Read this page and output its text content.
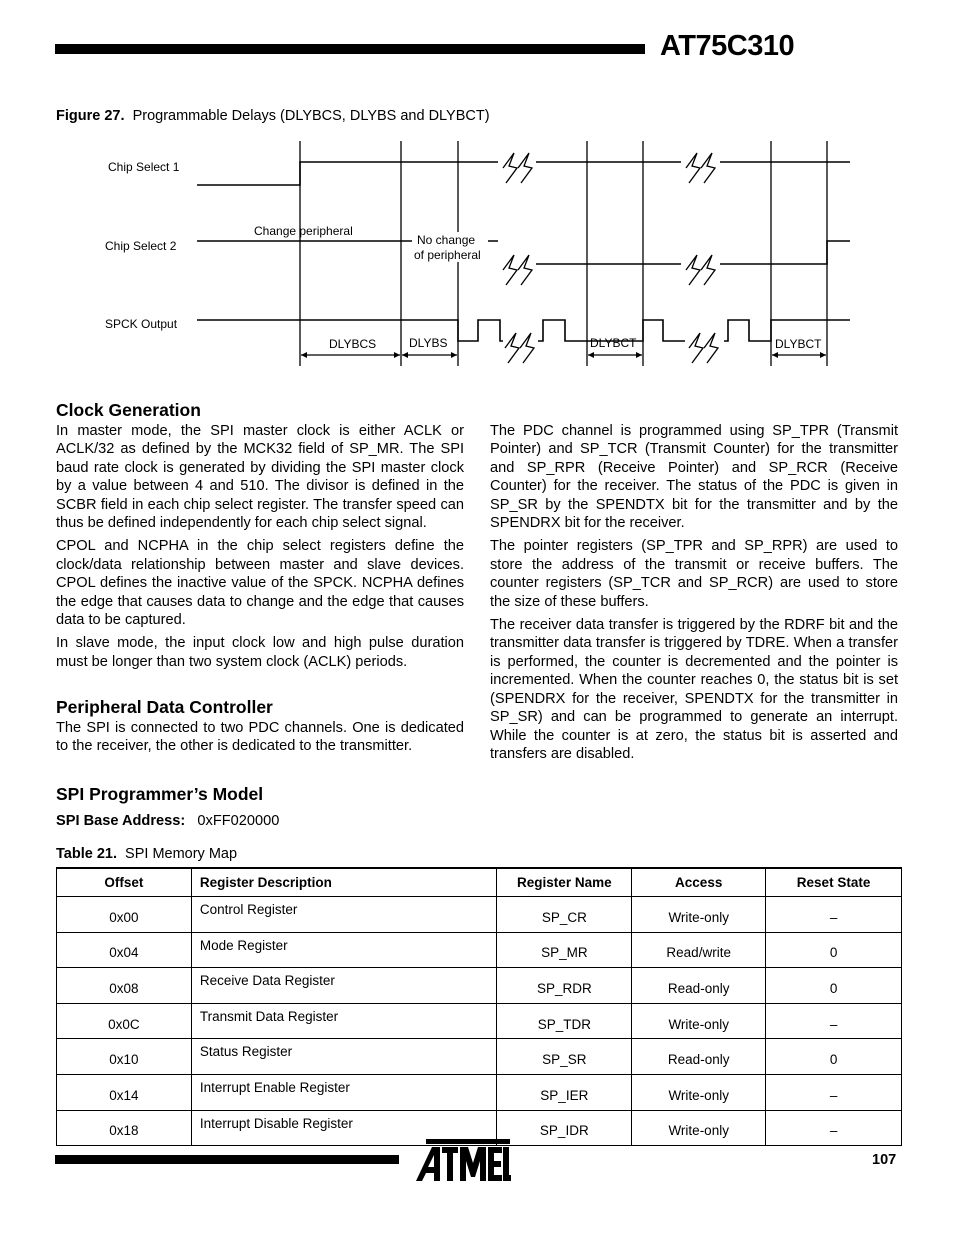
AT75C310
Figure 27. Programmable Delays (DLYBCS, DLYBS and DLYBCT)
Chip Select 1
Chip Select 2
SPCK Output
Change peripheral
No change
of peripheral
DLYBCS	DLYBS	DLYBCT	DLYBCT
Clock Generation

In master mode, the SPI master clock is either ACLK or ACLK/32 as defined by the MCK32 field of SP_MR. The SPI baud rate clock is generated by dividing the SPI master clock by a value between 4 and 510. The divisor is defined in the SCBR field in each chip select register. The transfer speed can thus be defined independently for each chip select signal.

CPOL and NCPHA in the chip select registers define the clock/data relationship between master and slave devices. CPOL defines the inactive value of the SPCK. NCPHA defines the edge that causes data to change and the edge that causes data to be captured.

In slave mode, the input clock low and high pulse duration must be longer than two system clock (ACLK) periods.

Peripheral Data Controller

The SPI is connected to two PDC channels. One is dedicated to the receiver, the other is dedicated to the transmitter.

The PDC channel is programmed using SP_TPR (Transmit Pointer) and SP_TCR (Transmit Counter) for the transmitter and SP_RPR (Receive Pointer) and SP_RCR (Receive Counter) for the receiver. The status of the PDC is given in SP_SR by the SPENDTX bit for the transmitter and by the SPENDRX bit for the receiver.

The pointer registers (SP_TPR and SP_RPR) are used to store the address of the transmit or receive buffers. The counter registers (SP_TCR and SP_RCR) are used to store the size of these buffers.

The receiver data transfer is triggered by the RDRF bit and the transmitter data transfer is triggered by TDRE. When a transfer is performed, the counter is decremented and the pointer is incremented. When the counter reaches 0, the status bit is set (SPENDRX for the receiver, SPENDTX for the transmitter in SP_SR) and can be programmed to generate an interrupt. While the counter is at zero, the status bit is asserted and transfers are disabled.

SPI Programmer’s Model
SPI Base Address: 0xFF020000
Table 21. SPI Memory Map
Offset	Register Description	Register Name	Access	Reset State
0x00	Control Register	SP_CR	Write-only	–
0x04	Mode Register	SP_MR	Read/write	0
0x08	Receive Data Register	SP_RDR	Read-only	0
0x0C	Transmit Data Register	SP_TDR	Write-only	–
0x10	Status Register	SP_SR	Read-only	0
0x14	Interrupt Enable Register	SP_IER	Write-only	–
0x18	Interrupt Disable Register	SP_IDR	Write-only	–
ATMEL
107
